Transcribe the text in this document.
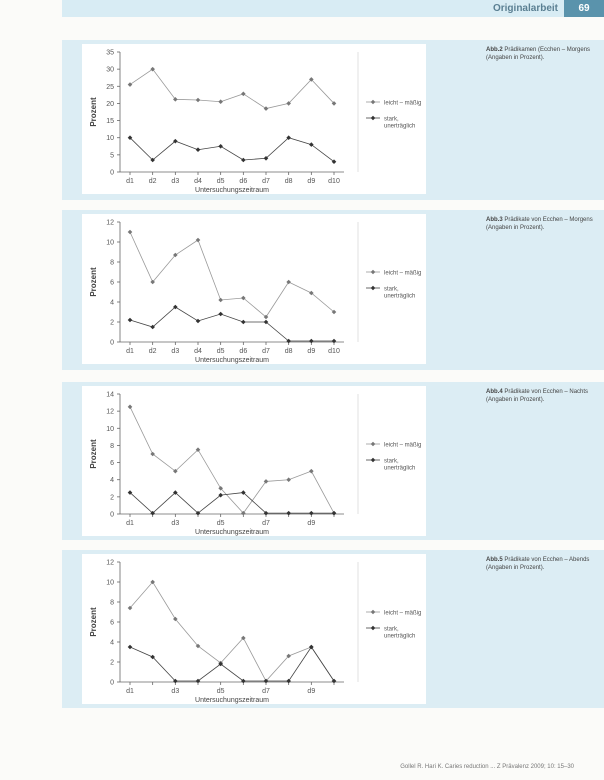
Originalarbeit	69
0
5
10
15
20
25
30
35
d1 d2 d3 d4 d5 d6 d7 d8 d9 d10
Untersuchungszeitraum
Prozent	leicht – mäßig
stark,
unerträglich
Abb.2 Prädikamen (Ecchen – Morgens (Angaben in Prozent).
0
2
4
6
8
10
12
d1 d2 d3 d4 d5 d6 d7 d8 d9 d10
Untersuchungszeitraum
Prozent	leicht – mäßig
stark,
unerträglich
Abb.3 Prädikate von Ecchen – Morgens (Angaben in Prozent).
0
2
4
6
8
10
12
14
d1	d3	d5	d7	d9
Untersuchungszeitraum
Prozent	leicht – mäßig
stark,
unerträglich
Abb.4 Prädikate von Ecchen – Nachts (Angaben in Prozent).
0
2
4
6
8
10
12
d1	d3	d5	d7	d9
Untersuchungszeitraum
Prozent	leicht – mäßig
stark,
unerträglich
Abb.5 Prädikate von Ecchen – Abends (Angaben in Prozent).
Gollel R. Hari K. Caries reduction ... Z Prävalenz 2009; 10: 15–30
